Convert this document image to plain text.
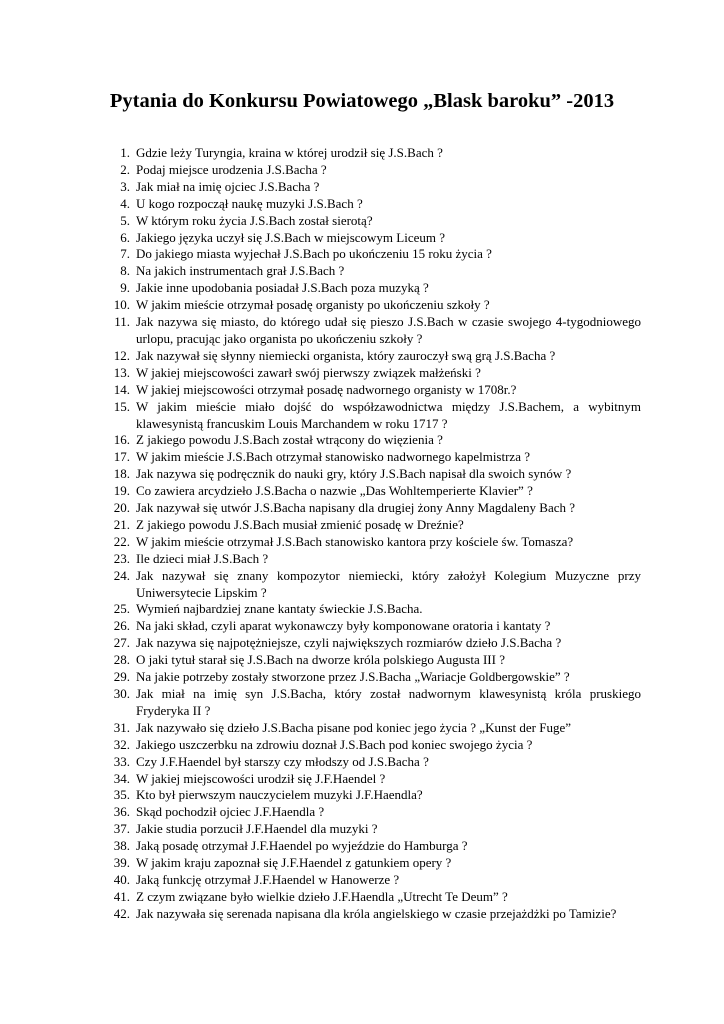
Pytania do Konkursu Powiatowego „Blask baroku” -2013
1. Gdzie leży Turyngia, kraina w której urodził się J.S.Bach ?
2. Podaj miejsce urodzenia J.S.Bacha ?
3. Jak miał na imię ojciec J.S.Bacha ?
4. U kogo rozpoczął naukę muzyki J.S.Bach ?
5. W którym roku życia J.S.Bach został sierotą?
6. Jakiego języka uczył się J.S.Bach w miejscowym Liceum ?
7. Do jakiego miasta wyjechał J.S.Bach po ukończeniu 15 roku życia ?
8. Na jakich instrumentach grał J.S.Bach ?
9. Jakie inne upodobania posiadał J.S.Bach poza muzyką ?
10. W jakim mieście otrzymał posadę organisty po ukończeniu szkoły ?
11. Jak nazywa się miasto, do którego udał się pieszo J.S.Bach w czasie swojego 4-tygodniowego urlopu, pracując jako organista po ukończeniu szkoły ?
12. Jak nazywał się słynny niemiecki organista, który zauroczył swą grą J.S.Bacha ?
13. W jakiej miejscowości zawarł swój pierwszy związek małżeński ?
14. W jakiej miejscowości otrzymał posadę nadwornego organisty w 1708r.?
15. W jakim mieście miało dojść do współzawodnictwa między J.S.Bachem, a wybitnym klawesynistą francuskim Louis Marchandem w roku 1717 ?
16. Z jakiego powodu J.S.Bach został wtrącony do więzienia ?
17. W jakim mieście J.S.Bach otrzymał stanowisko nadwornego kapelmistrza ?
18. Jak nazywa się podręcznik do nauki gry, który J.S.Bach napisał dla swoich synów ?
19. Co zawiera arcydzieło J.S.Bacha o nazwie „Das Wohltemperierte Klavier” ?
20. Jak nazywał się utwór J.S.Bacha napisany dla drugiej żony Anny Magdaleny Bach ?
21. Z jakiego powodu J.S.Bach musiał zmienić posadę w Dreźnie?
22. W jakim mieście otrzymał J.S.Bach stanowisko kantora przy kościele św. Tomasza?
23. Ile dzieci miał J.S.Bach ?
24. Jak nazywał się znany kompozytor niemiecki, który założył Kolegium Muzyczne przy Uniwersytecie Lipskim ?
25. Wymień najbardziej znane kantaty świeckie J.S.Bacha.
26. Na jaki skład, czyli aparat wykonawczy były komponowane oratoria i kantaty ?
27. Jak nazywa się najpotężniejsze, czyli największych rozmiarów dzieło J.S.Bacha ?
28. O jaki tytuł starał się J.S.Bach na dworze króla polskiego Augusta III ?
29. Na jakie potrzeby zostały stworzone przez J.S.Bacha „Wariacje Goldbergowskie” ?
30. Jak miał na imię syn J.S.Bacha, który został nadwornym klawesynistą króla pruskiego Fryderyka II ?
31. Jak nazywało się dzieło J.S.Bacha pisane pod koniec jego życia ? „Kunst der Fuge”
32. Jakiego uszczerbku na zdrowiu doznał J.S.Bach pod koniec swojego życia ?
33. Czy J.F.Haendel był starszy czy młodszy od J.S.Bacha ?
34. W jakiej miejscowości urodził się J.F.Haendel ?
35. Kto był pierwszym nauczycielem muzyki J.F.Haendla?
36. Skąd pochodził ojciec J.F.Haendla ?
37. Jakie studia porzucił J.F.Haendel dla muzyki ?
38. Jaką posadę otrzymał J.F.Haendel po wyjeździe do Hamburga ?
39. W jakim kraju zapoznał się J.F.Haendel z gatunkiem opery ?
40. Jaką funkcję otrzymał J.F.Haendel w Hanowerze ?
41. Z czym związane było wielkie dzieło J.F.Haendla „Utrecht Te Deum” ?
42. Jak nazywała się serenada napisana dla króla angielskiego w czasie przejażdżki po Tamizie?
